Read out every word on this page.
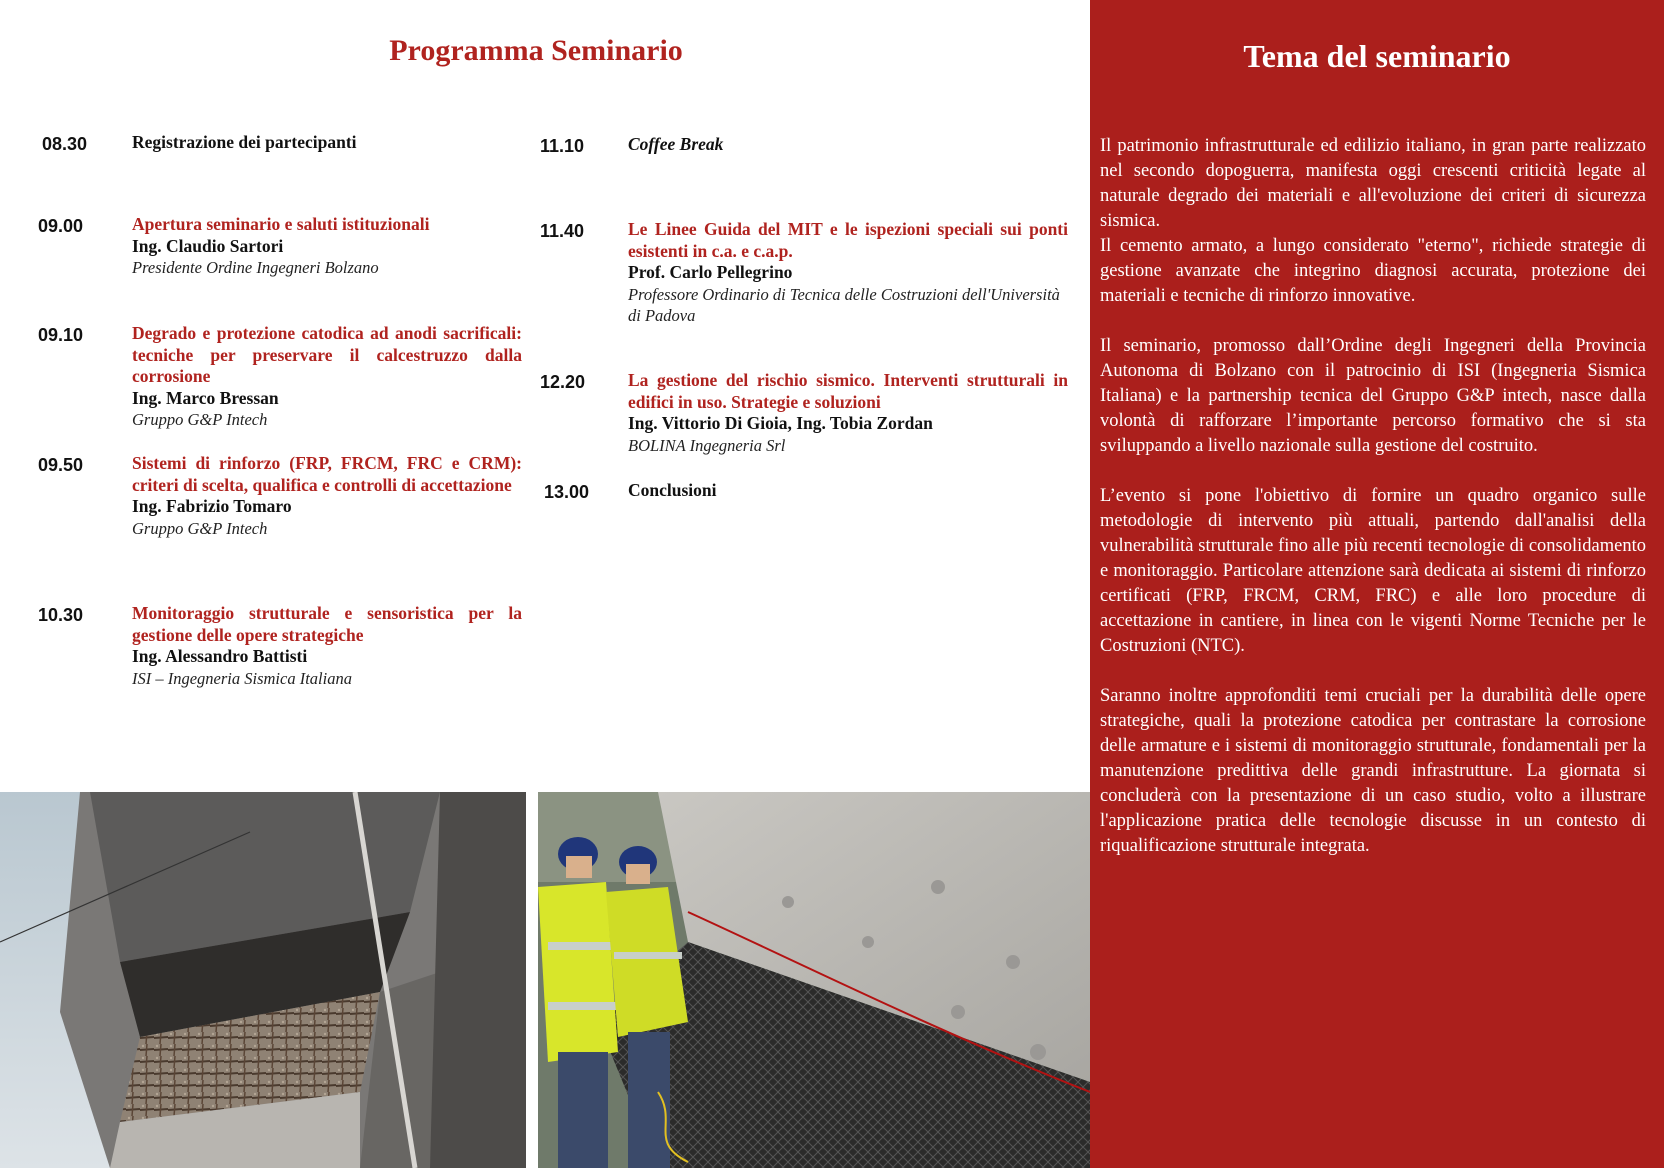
Programma Seminario
08.30	Registrazione dei partecipanti
09.00	Apertura seminario e saluti istituzionali
Ing. Claudio Sartori
Presidente Ordine Ingegneri Bolzano
09.10	Degrado e protezione catodica ad anodi sacrificali: tecniche per preservare il calcestruzzo dalla corrosione
Ing. Marco Bressan
Gruppo G&P Intech
09.50	Sistemi di rinforzo (FRP, FRCM, FRC e CRM): criteri di scelta, qualifica e controlli di accettazione
Ing. Fabrizio Tomaro
Gruppo G&P Intech
10.30	Monitoraggio strutturale e sensoristica per la gestione delle opere strategiche
Ing. Alessandro Battisti
ISI – Ingegneria Sismica Italiana
11.10	Coffee Break
11.40	Le Linee Guida del MIT e le ispezioni speciali sui ponti esistenti in c.a. e c.a.p.
Prof. Carlo Pellegrino
Professore Ordinario di Tecnica delle Costruzioni dell'Università di Padova
12.20 La gestione del rischio sismico. Interventi strutturali in edifici in uso. Strategie e soluzioni
Ing. Vittorio Di Gioia, Ing. Tobia Zordan
BOLINA Ingegneria Srl
13.00 Conclusioni
Tema del seminario

Il patrimonio infrastrutturale ed edilizio italiano, in gran parte realizzato nel secondo dopoguerra, manifesta oggi crescenti criticità legate al naturale degrado dei materiali e all'evoluzione dei criteri di sicurezza sismica.

Il cemento armato, a lungo considerato "eterno", richiede strategie di gestione avanzate che integrino diagnosi accurata, protezione dei materiali e tecniche di rinforzo innovative.

Il seminario, promosso dall’Ordine degli Ingegneri della Provincia Autonoma di Bolzano con il patrocinio di ISI (Ingegneria Sismica Italiana) e la partnership tecnica del Gruppo G&P intech, nasce dalla volontà di rafforzare l’importante percorso formativo che si sta sviluppando a livello nazionale sulla gestione del costruito.

L’evento si pone l'obiettivo di fornire un quadro organico sulle metodologie di intervento più attuali, partendo dall'analisi della vulnerabilità strutturale fino alle più recenti tecnologie di consolidamento e monitoraggio. Particolare attenzione sarà dedicata ai sistemi di rinforzo certificati (FRP, FRCM, CRM, FRC) e alle loro procedure di accettazione in cantiere, in linea con le vigenti Norme Tecniche per le Costruzioni (NTC).

Saranno inoltre approfonditi temi cruciali per la durabilità delle opere strategiche, quali la protezione catodica per contrastare la corrosione delle armature e i sistemi di monitoraggio strutturale, fondamentali per la manutenzione predittiva delle grandi infrastrutture. La giornata si concluderà con la presentazione di un caso studio, volto a illustrare l'applicazione pratica delle tecnologie discusse in un contesto di riqualificazione strutturale integrata.
